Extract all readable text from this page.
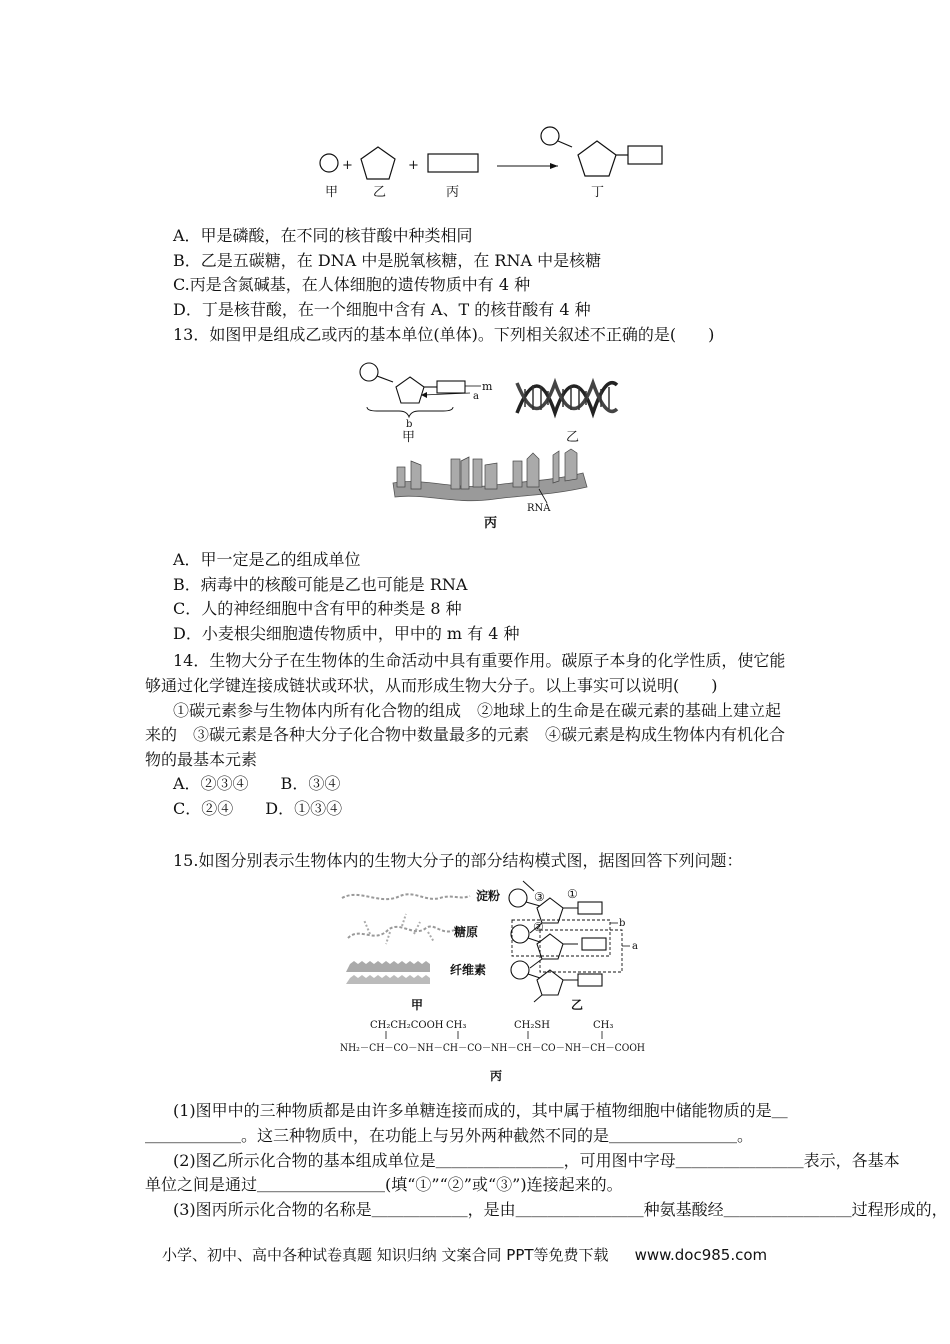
+	+
甲	乙	丙	丁
A．甲是磷酸，在不同的核苷酸中种类相同
B．乙是五碳糖，在 DNA 中是脱氧核糖，在 RNA 中是核糖
C.丙是含氮碱基，在人体细胞的遗传物质中有 4 种
D．丁是核苷酸，在一个细胞中含有 A、T 的核苷酸有 4 种
13．如图甲是组成乙或丙的基本单位(单体)。下列相关叙述不正确的是(　　)
m
a
b
甲	乙
RNA
丙
A．甲一定是乙的组成单位
B．病毒中的核酸可能是乙也可能是 RNA
C．人的神经细胞中含有甲的种类是 8 种
D．小麦根尖细胞遗传物质中，甲中的 m 有 4 种
14．生物大分子在生物体的生命活动中具有重要作用。碳原子本身的化学性质，使它能
够通过化学键连接成链状或环状，从而形成生物大分子。以上事实可以说明(　　)
①碳元素参与生物体内所有化合物的组成　②地球上的生命是在碳元素的基础上建立起
来的　③碳元素是各种大分子化合物中数量最多的元素　④碳元素是构成生物体内有机化合
物的最基本元素
A．②③④　　B．③④
C．②④　　D．①③④
15.如图分别表示生物体内的生物大分子的部分结构模式图，据图回答下列问题：
淀粉
糖原
纤维素
甲
③ ①
②	b
a
乙
CH₂CH₂COOH CH₃	CH₂SH	CH₃
NH₂－CH－CO－NH－CH－CO－NH－CH－CO－NH－CH－COOH
丙
(1)图甲中的三种物质都是由许多单糖连接而成的，其中属于植物细胞中储能物质的是＿
＿＿＿＿＿＿。这三种物质中，在功能上与另外两种截然不同的是＿＿＿＿＿＿＿＿。
(2)图乙所示化合物的基本组成单位是＿＿＿＿＿＿＿＿，可用图中字母＿＿＿＿＿＿＿＿表示，各基本
单位之间是通过＿＿＿＿＿＿＿＿(填“①”“②”或“③”)连接起来的。
(3)图丙所示化合物的名称是＿＿＿＿＿＿，是由＿＿＿＿＿＿＿＿种氨基酸经＿＿＿＿＿＿＿＿过程形成的，
小学、初中、高中各种试卷真题 知识归纳 文案合同 PPT等免费下载 www.doc985.com
